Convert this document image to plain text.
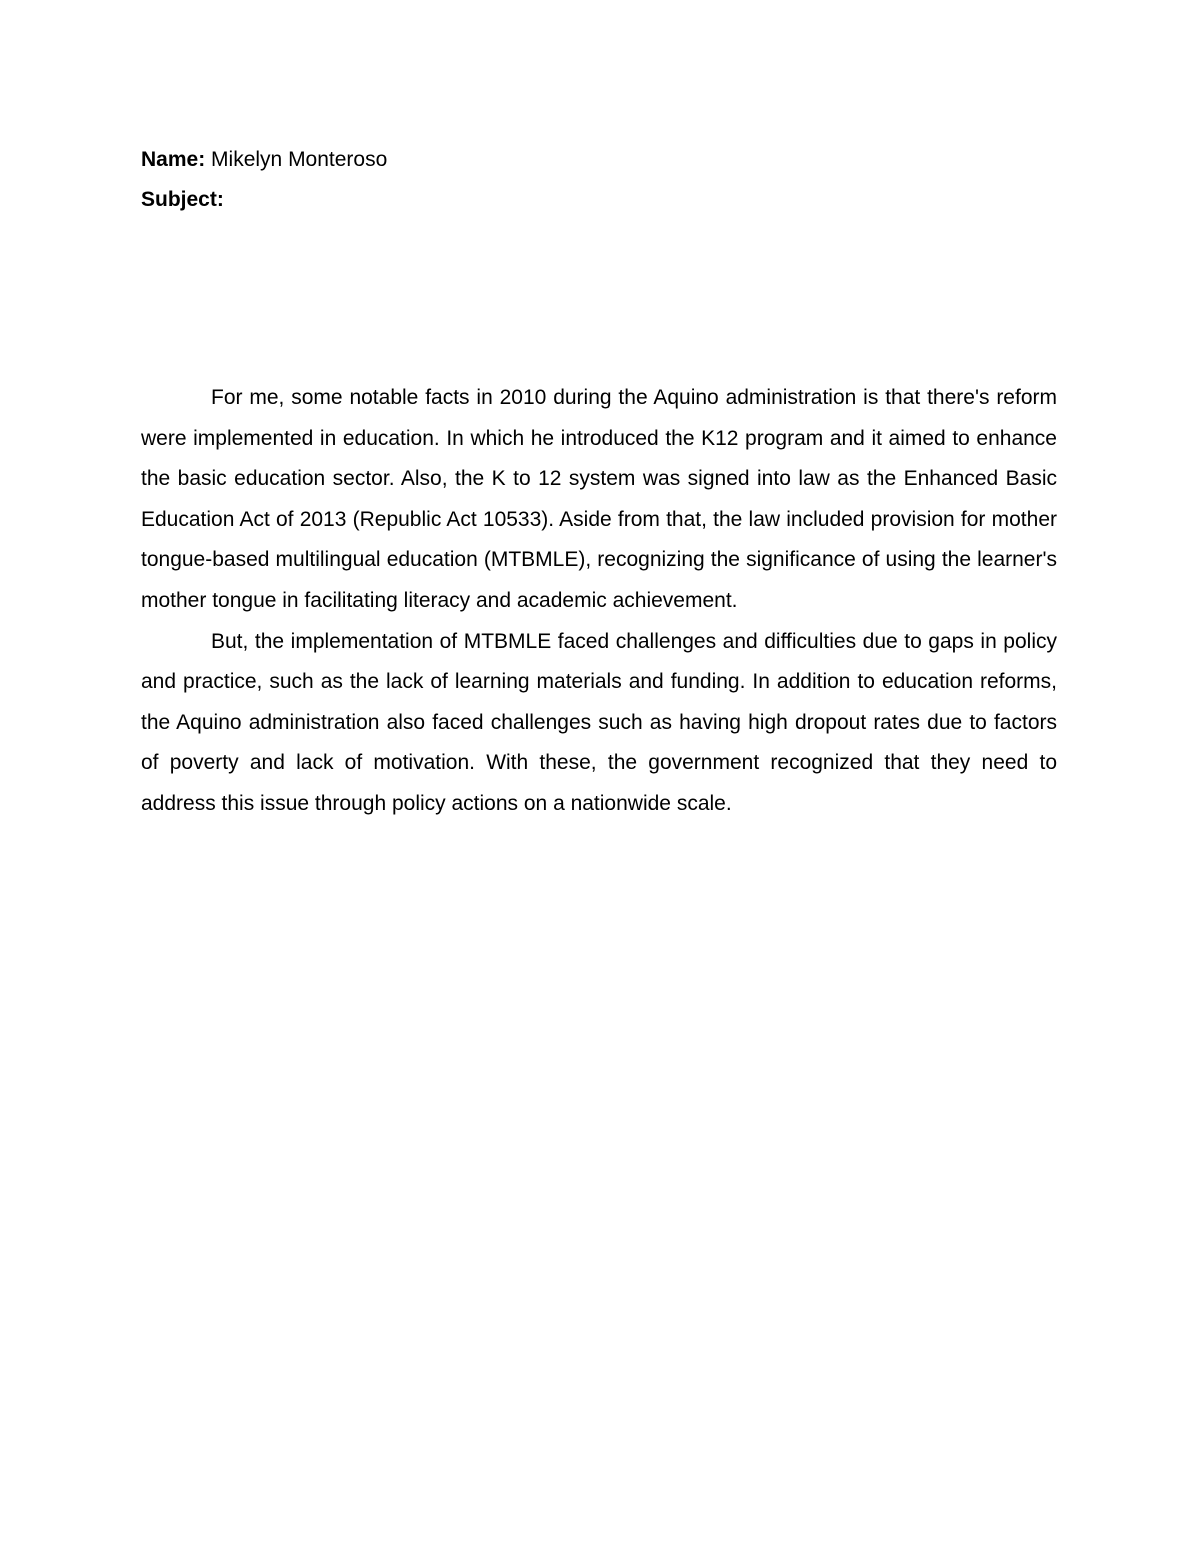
Name: Mikelyn Monteroso
Subject:

For me, some notable facts in 2010 during the Aquino administration is that there's reform were implemented in education. In which he introduced the K12 program and it aimed to enhance the basic education sector. Also, the K to 12 system was signed into law as the Enhanced Basic Education Act of 2013 (Republic Act 10533). Aside from that, the law included provision for mother tongue-based multilingual education (MTBMLE), recognizing the significance of using the learner's mother tongue in facilitating literacy and academic achievement.

But, the implementation of MTBMLE faced challenges and difficulties due to gaps in policy and practice, such as the lack of learning materials and funding. In addition to education reforms, the Aquino administration also faced challenges such as having high dropout rates due to factors of poverty and lack of motivation. With these, the government recognized that they need to address this issue through policy actions on a nationwide scale.
